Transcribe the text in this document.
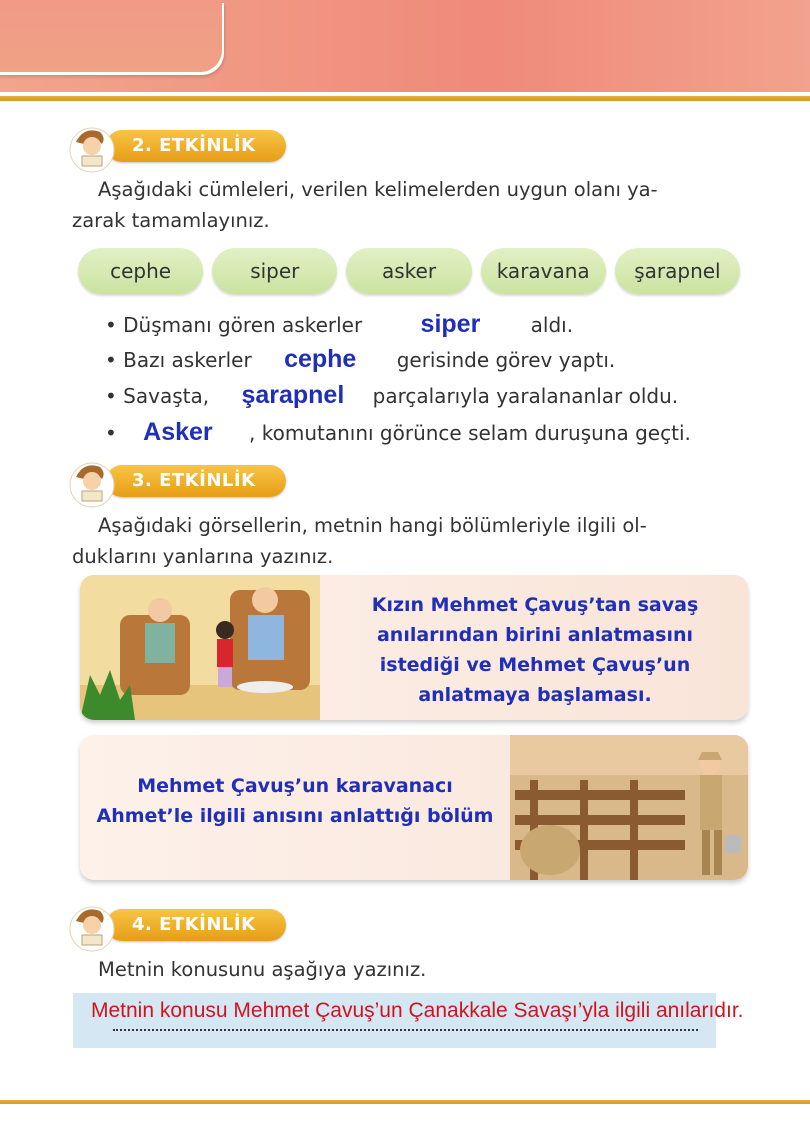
2. ETKİNLİK
Aşağıdaki cümleleri, verilen kelimelerden uygun olanı ya-
zarak tamamlayınız.
cephe	siper	asker	karavana	şarapnel
• Düşmanı gören askerler siper	aldı.
• Bazı askerler cephe gerisinde görev yaptı.
• Savaşta, şarapnel parçalarıyla yaralananlar oldu.
• Asker , komutanını görünce selam duruşuna geçti.
3. ETKİNLİK
Aşağıdaki görsellerin, metnin hangi bölümleriyle ilgili ol-
duklarını yanlarına yazınız.
Kızın Mehmet Çavuş’tan savaş
anılarından birini anlatmasını
istediği ve Mehmet Çavuş’un
anlatmaya başlaması.
Mehmet Çavuş’un karavanacı
Ahmet’le ilgili anısını anlattığı bölüm
4. ETKİNLİK
Metnin konusunu aşağıya yazınız.
Metnin konusu Mehmet Çavuş’un Çanakkale Savaşı’yla ilgili anılarıdır.
